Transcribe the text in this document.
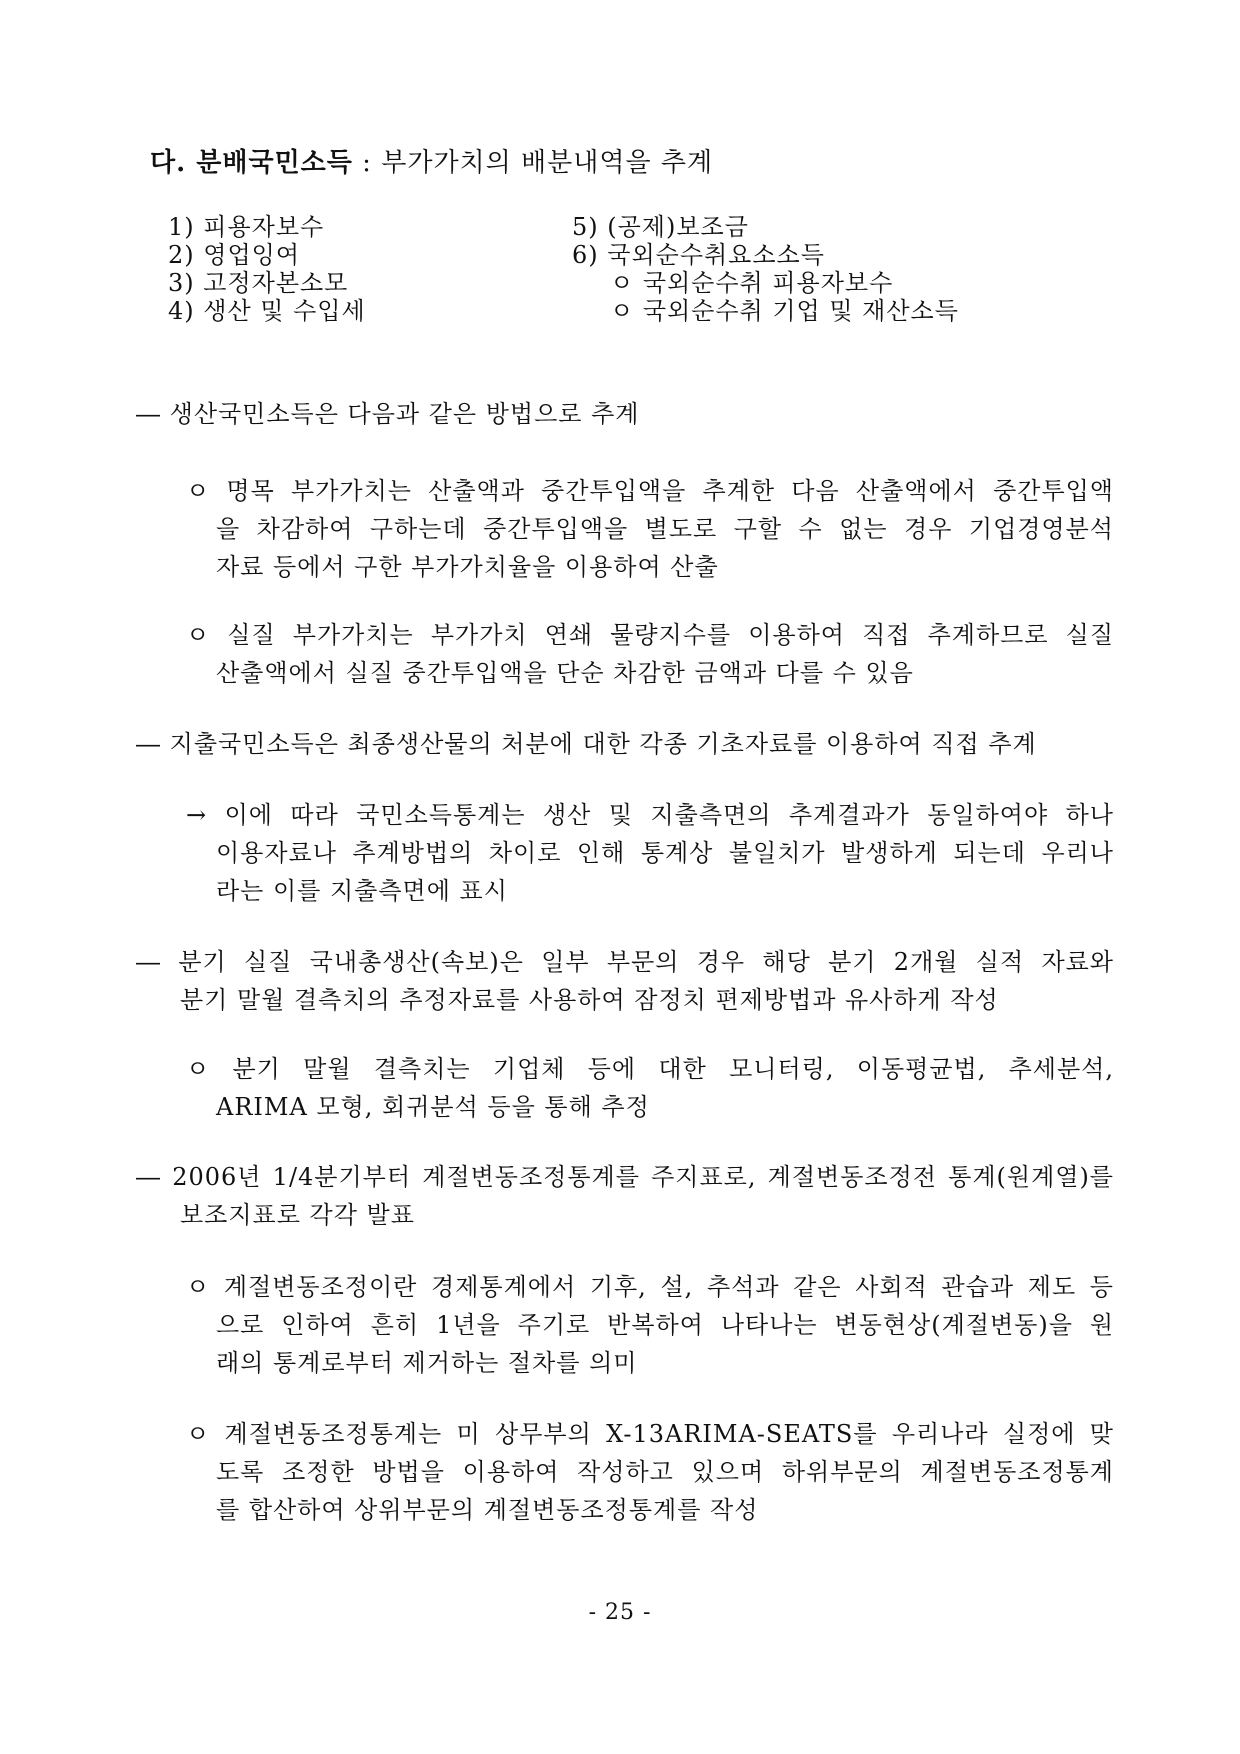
다. 분배국민소득 : 부가가치의 배분내역을 추계
1) 피용자보수
2) 영업잉여
3) 고정자본소모
4) 생산 및 수입세
5) (공제)보조금
6) 국외순수취요소소득
ㅇ 국외순수취 피용자보수
ㅇ 국외순수취 기업 및 재산소득
― 생산국민소득은 다음과 같은 방법으로 추계
ㅇ 명목 부가가치는 산출액과 중간투입액을 추계한 다음 산출액에서 중간투입액
을 차감하여 구하는데 중간투입액을 별도로 구할 수 없는 경우 기업경영분석
자료 등에서 구한 부가가치율을 이용하여 산출
ㅇ 실질 부가가치는 부가가치 연쇄 물량지수를 이용하여 직접 추계하므로 실질
산출액에서 실질 중간투입액을 단순 차감한 금액과 다를 수 있음
― 지출국민소득은 최종생산물의 처분에 대한 각종 기초자료를 이용하여 직접 추계
→ 이에 따라 국민소득통계는 생산 및 지출측면의 추계결과가 동일하여야 하나
이용자료나 추계방법의 차이로 인해 통계상 불일치가 발생하게 되는데 우리나
라는 이를 지출측면에 표시
― 분기 실질 국내총생산(속보)은 일부 부문의 경우 해당 분기 2개월 실적 자료와
분기 말월 결측치의 추정자료를 사용하여 잠정치 편제방법과 유사하게 작성
ㅇ 분기 말월 결측치는 기업체 등에 대한 모니터링, 이동평균법, 추세분석,
ARIMA 모형, 회귀분석 등을 통해 추정
― 2006년 1/4분기부터 계절변동조정통계를 주지표로, 계절변동조정전 통계(원계열)를
보조지표로 각각 발표
ㅇ 계절변동조정이란 경제통계에서 기후, 설, 추석과 같은 사회적 관습과 제도 등
으로 인하여 흔히 1년을 주기로 반복하여 나타나는 변동현상(계절변동)을 원
래의 통계로부터 제거하는 절차를 의미
ㅇ 계절변동조정통계는 미 상무부의 X-13ARIMA-SEATS를 우리나라 실정에 맞
도록 조정한 방법을 이용하여 작성하고 있으며 하위부문의 계절변동조정통계
를 합산하여 상위부문의 계절변동조정통계를 작성
- 25 -
